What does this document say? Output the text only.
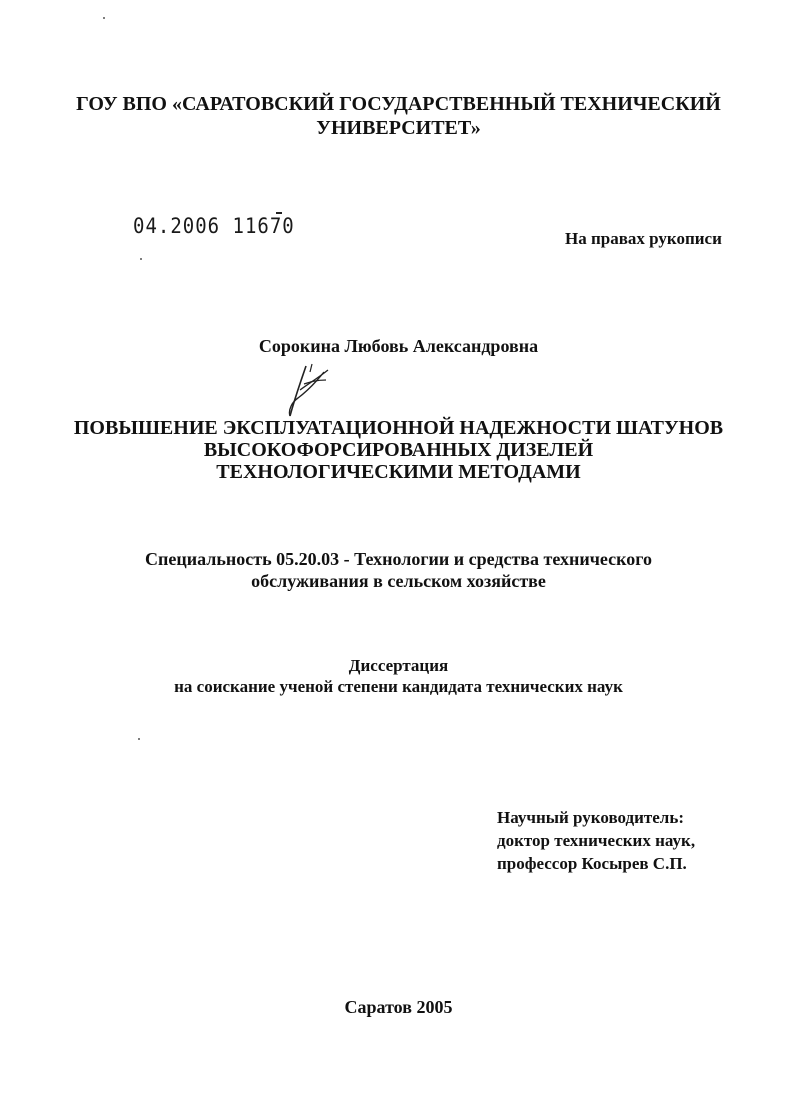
ГОУ ВПО «САРАТОВСКИЙ ГОСУДАРСТВЕННЫЙ ТЕХНИЧЕСКИЙ
УНИВЕРСИТЕТ»
04.2006 11670	На правах рукописи
Сорокина Любовь Александровна
ПОВЫШЕНИЕ ЭКСПЛУАТАЦИОННОЙ НАДЕЖНОСТИ ШАТУНОВ
ВЫСОКОФОРСИРОВАННЫХ ДИЗЕЛЕЙ
ТЕХНОЛОГИЧЕСКИМИ МЕТОДАМИ
Специальность 05.20.03 - Технологии и средства технического
обслуживания в сельском хозяйстве
Диссертация
на соискание ученой степени кандидата технических наук
Научный руководитель:
доктор технических наук,
профессор Косырев С.П.
Саратов 2005
